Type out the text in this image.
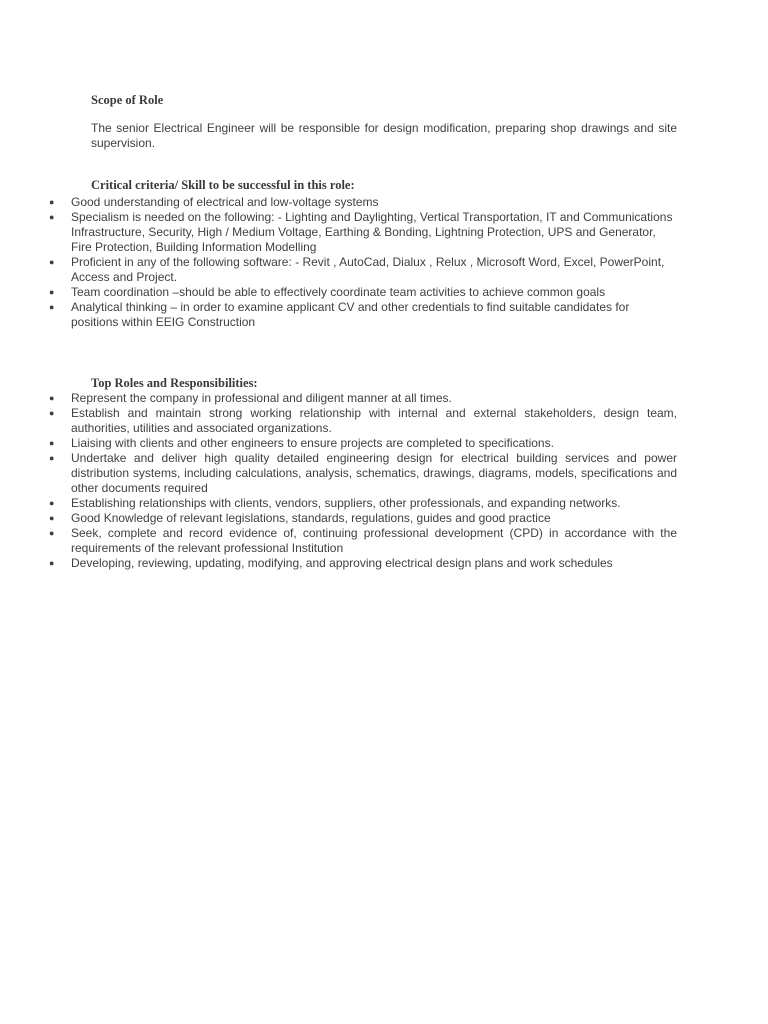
Scope of Role
The senior Electrical Engineer will be responsible for design modification, preparing shop drawings and site supervision.
Critical criteria/ Skill to be successful in this role:
● Good understanding of electrical and low-voltage systems
● Specialism is needed on the following: - Lighting and Daylighting, Vertical Transportation, IT and Communications Infrastructure, Security, High / Medium Voltage, Earthing & Bonding, Lightning Protection, UPS and Generator, Fire Protection, Building Information Modelling
● Proficient in any of the following software: - Revit , AutoCad, Dialux , Relux , Microsoft Word, Excel, PowerPoint, Access and Project.
● Team coordination –should be able to effectively coordinate team activities to achieve common goals
● Analytical thinking – in order to examine applicant CV and other credentials to find suitable candidates for positions within EEIG Construction
Top Roles and Responsibilities:
● Represent the company in professional and diligent manner at all times.
● Establish and maintain strong working relationship with internal and external stakeholders, design team, authorities, utilities and associated organizations.
● Liaising with clients and other engineers to ensure projects are completed to specifications.
● Undertake and deliver high quality detailed engineering design for electrical building services and power distribution systems, including calculations, analysis, schematics, drawings, diagrams, models, specifications and other documents required
● Establishing relationships with clients, vendors, suppliers, other professionals, and expanding networks.
● Good Knowledge of relevant legislations, standards, regulations, guides and good practice
● Seek, complete and record evidence of, continuing professional development (CPD) in accordance with the requirements of the relevant professional Institution
● Developing, reviewing, updating, modifying, and approving electrical design plans and work schedules
